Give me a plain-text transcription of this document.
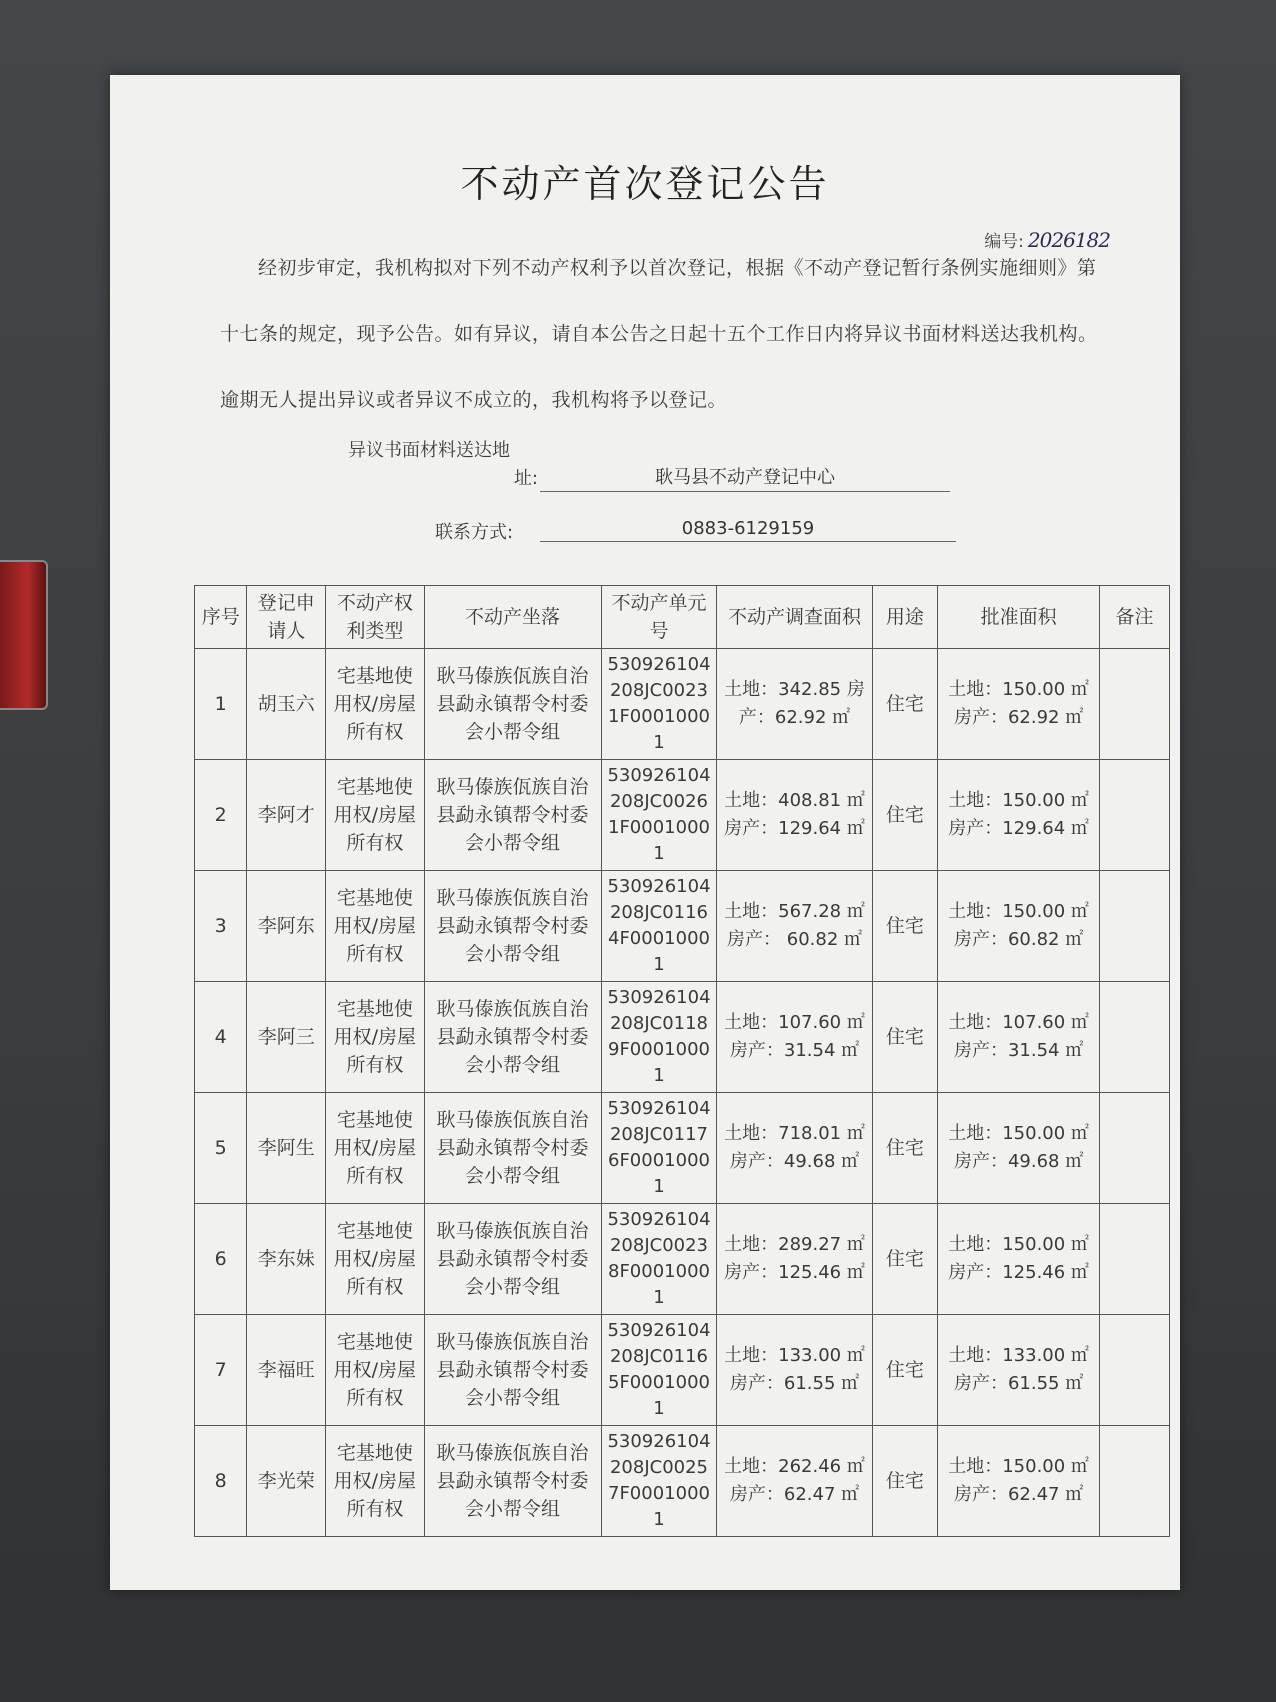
不动产首次登记公告
编号: 2026182

经初步审定，我机构拟对下列不动产权利予以首次登记，根据《不动产登记暂行条例实施细则》第十七条的规定，现予公告。如有异议，请自本公告之日起十五个工作日内将异议书面材料送达我机构。逾期无人提出异议或者异议不成立的，我机构将予以登记。

异议书面材料送达地
址:	耿马县不动产登记中心
联系方式:	0883-6129159
序号	登记申请人	不动产权利类型	不动产坐落	不动产单元号	不动产调查面积	用途	批准面积	备注
1	胡玉六	宅基地使用权/房屋所有权	耿马傣族佤族自治县勐永镇帮令村委会小帮令组	530926104208JC00231F00010001	土地：342.85 房产：62.92 ㎡	住宅	土地：150.00 ㎡ 房产：62.92 ㎡	
2	李阿才	宅基地使用权/房屋所有权	耿马傣族佤族自治县勐永镇帮令村委会小帮令组	530926104208JC00261F00010001	土地：408.81 ㎡ 房产：129.64 ㎡	住宅	土地：150.00 ㎡ 房产：129.64 ㎡	
3	李阿东	宅基地使用权/房屋所有权	耿马傣族佤族自治县勐永镇帮令村委会小帮令组	530926104208JC01164F00010001	土地：567.28 ㎡ 房产： 60.82 ㎡	住宅	土地：150.00 ㎡ 房产：60.82 ㎡	
4	李阿三	宅基地使用权/房屋所有权	耿马傣族佤族自治县勐永镇帮令村委会小帮令组	530926104208JC01189F00010001	土地：107.60 ㎡ 房产：31.54 ㎡	住宅	土地：107.60 ㎡ 房产：31.54 ㎡	
5	李阿生	宅基地使用权/房屋所有权	耿马傣族佤族自治县勐永镇帮令村委会小帮令组	530926104208JC01176F00010001	土地：718.01 ㎡ 房产：49.68 ㎡	住宅	土地：150.00 ㎡ 房产：49.68 ㎡	
6	李东妹	宅基地使用权/房屋所有权	耿马傣族佤族自治县勐永镇帮令村委会小帮令组	530926104208JC00238F00010001	土地：289.27 ㎡ 房产：125.46 ㎡	住宅	土地：150.00 ㎡ 房产：125.46 ㎡	
7	李福旺	宅基地使用权/房屋所有权	耿马傣族佤族自治县勐永镇帮令村委会小帮令组	530926104208JC01165F00010001	土地：133.00 ㎡ 房产：61.55 ㎡	住宅	土地：133.00 ㎡ 房产：61.55 ㎡	
8	李光荣	宅基地使用权/房屋所有权	耿马傣族佤族自治县勐永镇帮令村委会小帮令组	530926104208JC00257F00010001	土地：262.46 ㎡ 房产：62.47 ㎡	住宅	土地：150.00 ㎡ 房产：62.47 ㎡	
